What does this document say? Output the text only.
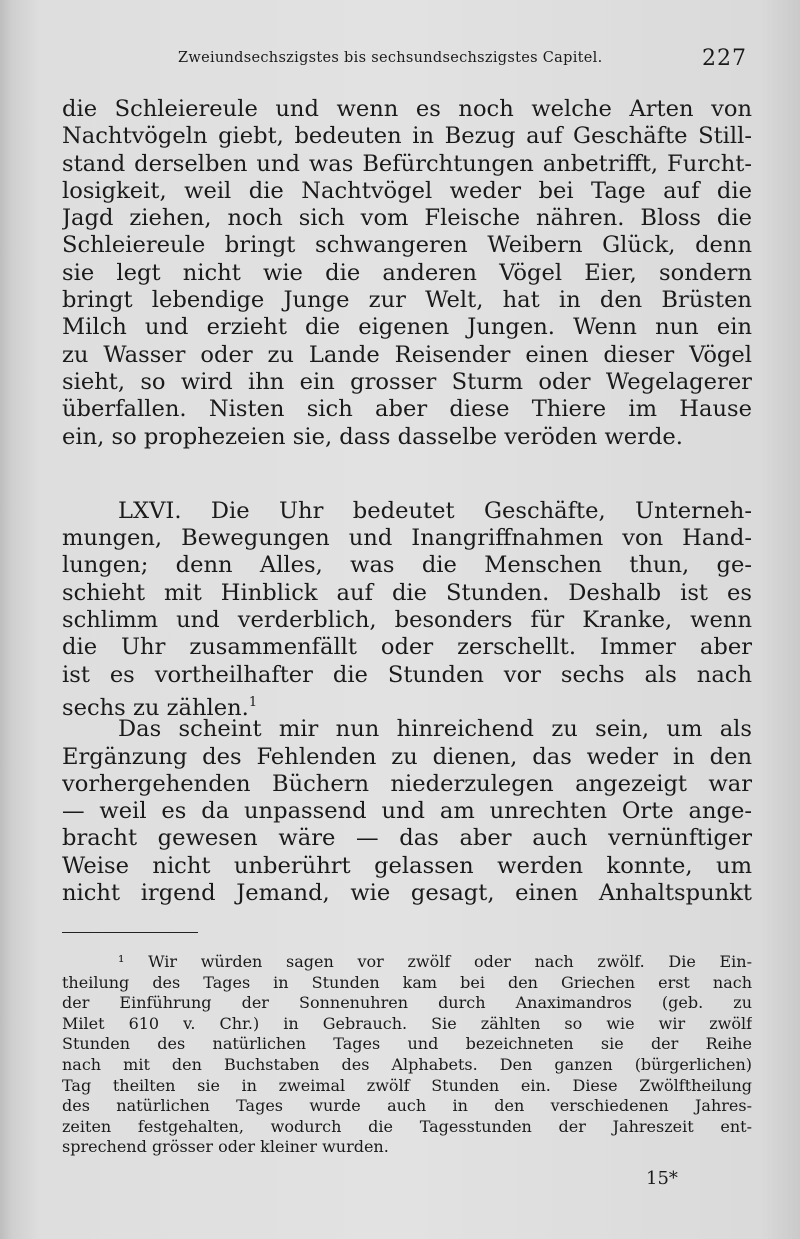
Zweiundsechszigstes bis sechsundsechszigstes Capitel.	227
die Schleiereule und wenn es noch welche Arten von
Nachtvögeln giebt, bedeuten in Bezug auf Geschäfte Still-
stand derselben und was Befürchtungen anbetrifft, Furcht-
losigkeit, weil die Nachtvögel weder bei Tage auf die
Jagd ziehen, noch sich vom Fleische nähren. Bloss die
Schleiereule bringt schwangeren Weibern Glück, denn
sie legt nicht wie die anderen Vögel Eier, sondern
bringt lebendige Junge zur Welt, hat in den Brüsten
Milch und erzieht die eigenen Jungen. Wenn nun ein
zu Wasser oder zu Lande Reisender einen dieser Vögel
sieht, so wird ihn ein grosser Sturm oder Wegelagerer
überfallen. Nisten sich aber diese Thiere im Hause
ein, so prophezeien sie, dass dasselbe veröden werde.
LXVI. Die Uhr bedeutet Geschäfte, Unterneh-
mungen, Bewegungen und Inangriffnahmen von Hand-
lungen; denn Alles, was die Menschen thun, ge-
schieht mit Hinblick auf die Stunden. Deshalb ist es
schlimm und verderblich, besonders für Kranke, wenn
die Uhr zusammenfällt oder zerschellt. Immer aber
ist es vortheilhafter die Stunden vor sechs als nach
sechs zu zählen.$^1$
Das scheint mir nun hinreichend zu sein, um als
Ergänzung des Fehlenden zu dienen, das weder in den
vorhergehenden Büchern niederzulegen angezeigt war
— weil es da unpassend und am unrechten Orte ange-
bracht gewesen wäre — das aber auch vernünftiger
Weise nicht unberührt gelassen werden konnte, um
nicht irgend Jemand, wie gesagt, einen Anhaltspunkt
¹ Wir würden sagen vor zwölf oder nach zwölf. Die Ein-
theilung des Tages in Stunden kam bei den Griechen erst nach
der Einführung der Sonnenuhren durch Anaximandros (geb. zu
Milet 610 v. Chr.) in Gebrauch. Sie zählten so wie wir zwölf
Stunden des natürlichen Tages und bezeichneten sie der Reihe
nach mit den Buchstaben des Alphabets. Den ganzen (bürgerlichen)
Tag theilten sie in zweimal zwölf Stunden ein. Diese Zwölftheilung
des natürlichen Tages wurde auch in den verschiedenen Jahres-
zeiten festgehalten, wodurch die Tagesstunden der Jahreszeit ent-
sprechend grösser oder kleiner wurden.
15*
